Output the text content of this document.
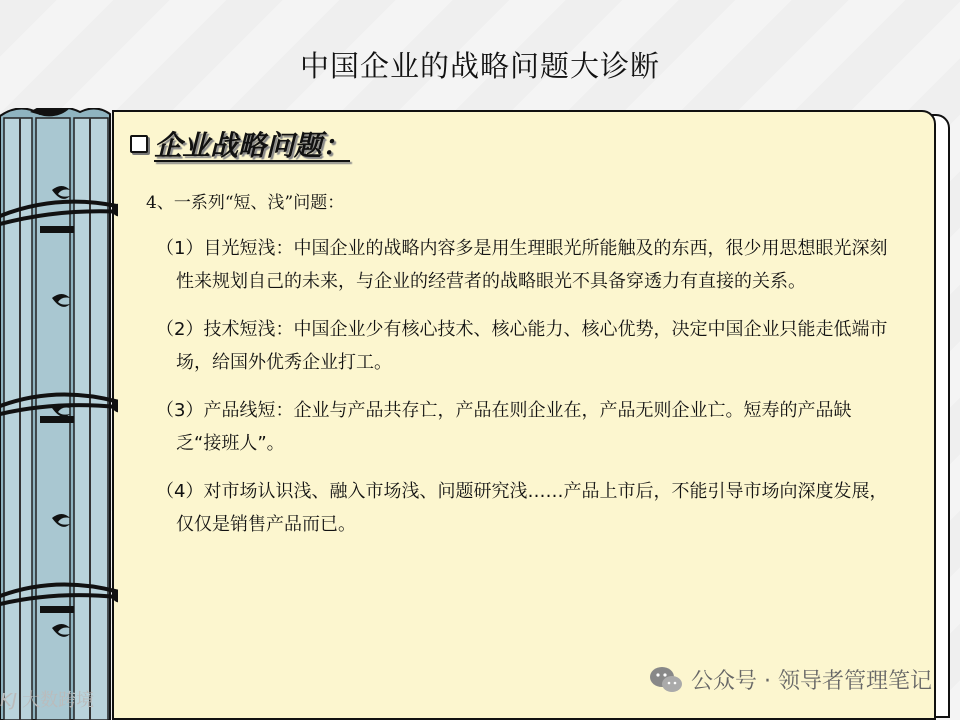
中国企业的战略问题大诊断
企业战略问题：
4、一系列“短、浅”问题：

（1）目光短浅：中国企业的战略内容多是用生理眼光所能触及的东西，很少用思想眼光深刻性来规划自己的未来，与企业的经营者的战略眼光不具备穿透力有直接的关系。

（2）技术短浅：中国企业少有核心技术、核心能力、核心优势，决定中国企业只能走低端市场，给国外优秀企业打工。

（3）产品线短：企业与产品共存亡，产品在则企业在，产品无则企业亡。短寿的产品缺乏“接班人”。

（4）对市场认识浅、融入市场浅、问题研究浅……产品上市后，不能引导市场向深度发展，仅仅是销售产品而已。

KJ 大数跨境
公众号 · 领导者管理笔记
